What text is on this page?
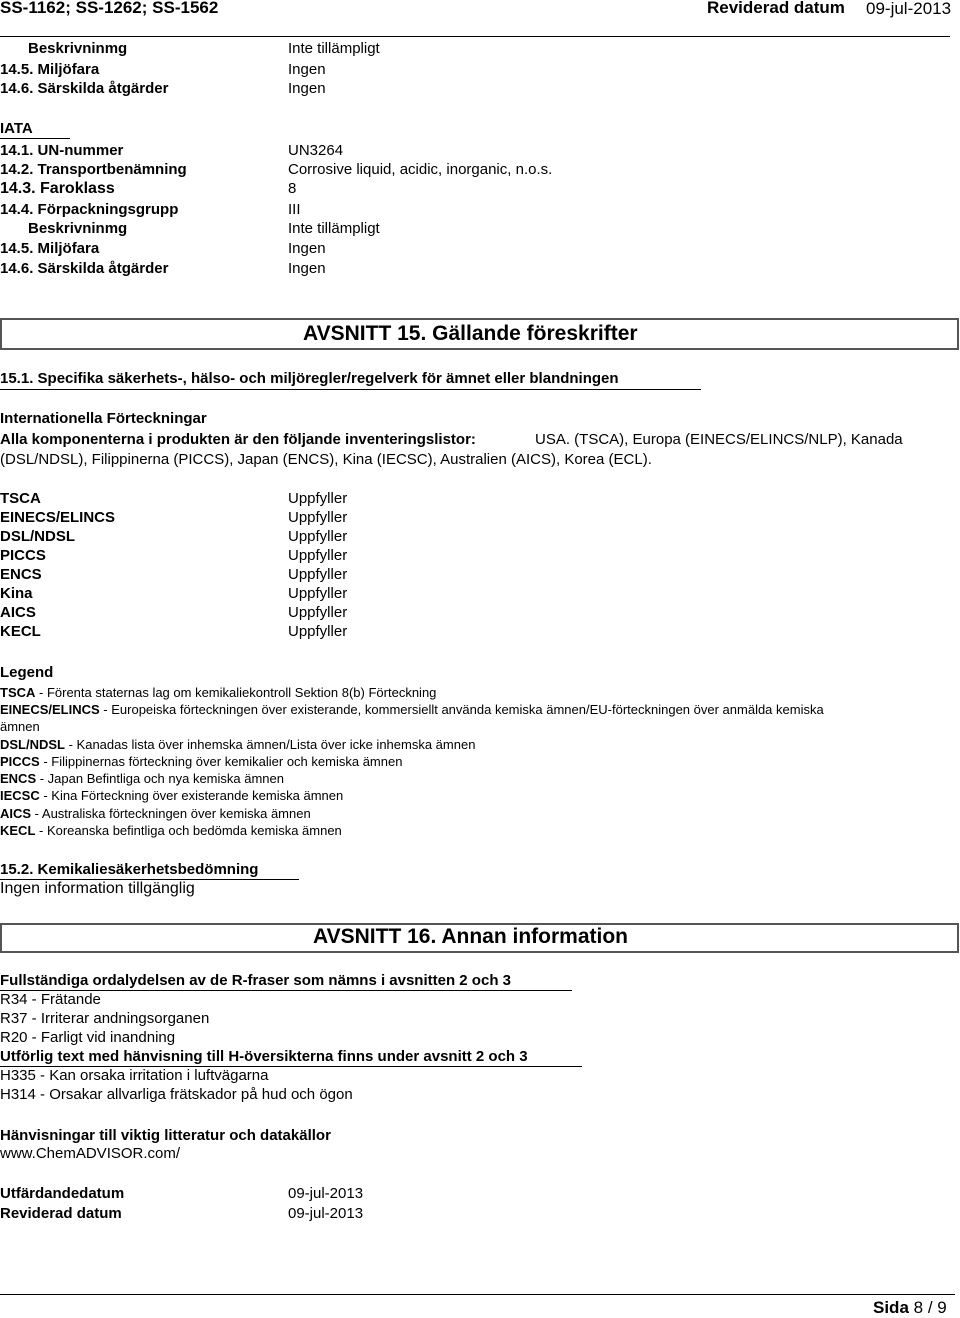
SS-1162; SS-1262; SS-1562	Reviderad datum 09-jul-2013
Beskrivninmg	Inte tillämpligt
14.5. Miljöfara	Ingen
14.6. Särskilda åtgärder	Ingen
IATA
14.1. UN-nummer	UN3264
14.2. Transportbenämning	Corrosive liquid, acidic, inorganic, n.o.s.
14.3. Faroklass	8
14.4. Förpackningsgrupp	III
Beskrivninmg	Inte tillämpligt
14.5. Miljöfara	Ingen
14.6. Särskilda åtgärder	Ingen
AVSNITT 15. Gällande föreskrifter
15.1. Specifika säkerhets-, hälso- och miljöregler/regelverk för ämnet eller blandningen
Internationella Förteckningar
Alla komponenterna i produkten är den följande inventeringslistor:	USA. (TSCA), Europa (EINECS/ELINCS/NLP), Kanada
(DSL/NDSL), Filippinerna (PICCS), Japan (ENCS), Kina (IECSC), Australien (AICS), Korea (ECL).
TSCA	Uppfyller
EINECS/ELINCS	Uppfyller
DSL/NDSL	Uppfyller
PICCS	Uppfyller
ENCS	Uppfyller
Kina	Uppfyller
AICS	Uppfyller
KECL	Uppfyller
Legend
TSCA - Förenta staternas lag om kemikaliekontroll Sektion 8(b) Förteckning
EINECS/ELINCS - Europeiska förteckningen över existerande, kommersiellt använda kemiska ämnen/EU-förteckningen över anmälda kemiska
ämnen
DSL/NDSL - Kanadas lista över inhemska ämnen/Lista över icke inhemska ämnen
PICCS - Filippinernas förteckning över kemikalier och kemiska ämnen
ENCS - Japan Befintliga och nya kemiska ämnen
IECSC - Kina Förteckning över existerande kemiska ämnen
AICS - Australiska förteckningen över kemiska ämnen
KECL - Koreanska befintliga och bedömda kemiska ämnen
15.2. Kemikaliesäkerhetsbedömning
Ingen information tillgänglig
AVSNITT 16. Annan information
Fullständiga ordalydelsen av de R-fraser som nämns i avsnitten 2 och 3
R34 - Frätande
R37 - Irriterar andningsorganen
R20 - Farligt vid inandning
Utförlig text med hänvisning till H-översikterna finns under avsnitt 2 och 3
H335 - Kan orsaka irritation i luftvägarna
H314 - Orsakar allvarliga frätskador på hud och ögon
Hänvisningar till viktig litteratur och datakällor
www.ChemADVISOR.com/
Utfärdandedatum	09-jul-2013
Reviderad datum	09-jul-2013
Sida 8 / 9
